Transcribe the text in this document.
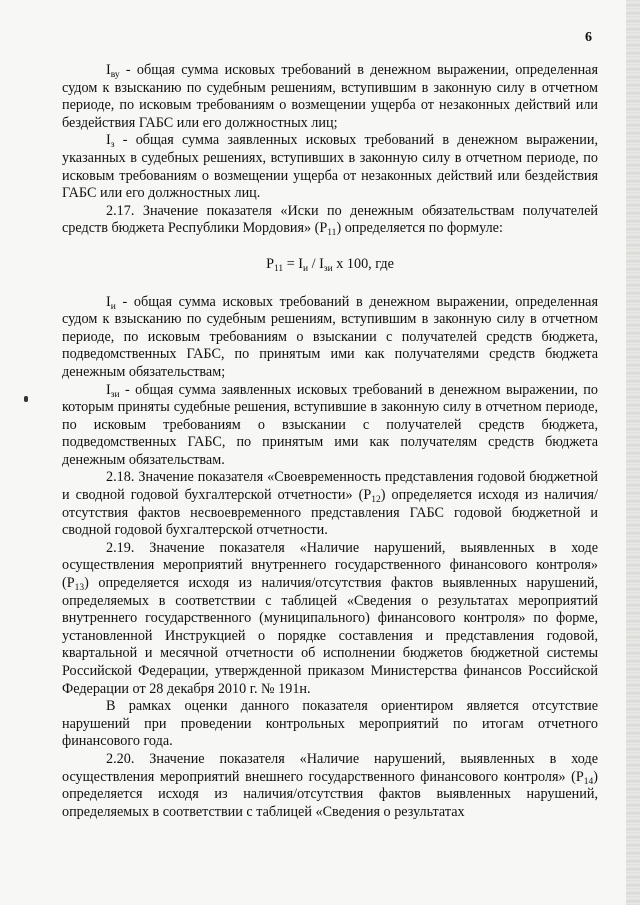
6

$I_{ву}$ - общая сумма исковых требований в денежном выражении, определенная судом к взысканию по судебным решениям, вступившим в законную силу в отчетном периоде, по исковым требованиям о возмещении ущерба от незаконных действий или бездействия ГАБС или его должностных лиц;

$I_з$ - общая сумма заявленных исковых требований в денежном выражении, указанных в судебных решениях, вступивших в законную силу в отчетном периоде, по исковым требованиям о возмещении ущерба от незаконных действий или бездействия ГАБС или его должностных лиц.

2.17. Значение показателя «Иски по денежным обязательствам получателей средств бюджета Республики Мордовия» $(P_{11})$ определяется по формуле:

$P_{11} = I_и / I_{зи}$ x 100, где

$I_и$ - общая сумма исковых требований в денежном выражении, определенная судом к взысканию по судебным решениям, вступившим в законную силу в отчетном периоде, по исковым требованиям о взыскании с получателей средств бюджета, подведомственных ГАБС, по принятым ими как получателями средств бюджета денежным обязательствам;

$I_{зи}$ - общая сумма заявленных исковых требований в денежном выражении, по которым приняты судебные решения, вступившие в законную силу в отчетном периоде, по исковым требованиям о взыскании с получателей средств бюджета, подведомственных ГАБС, по принятым ими как получателям средств бюджета денежным обязательствам.

2.18. Значение показателя «Своевременность представления годовой бюджетной и сводной годовой бухгалтерской отчетности» $(P_{12})$ определяется исходя из наличия/отсутствия фактов несвоевременного представления ГАБС годовой бюджетной и сводной годовой бухгалтерской отчетности.

2.19. Значение показателя «Наличие нарушений, выявленных в ходе осуществления мероприятий внутреннего государственного финансового контроля» $(P_{13})$ определяется исходя из наличия/отсутствия фактов выявленных нарушений, определяемых в соответствии с таблицей «Сведения о результатах мероприятий внутреннего государственного (муниципального) финансового контроля» по форме, установленной Инструкцией о порядке составления и представления годовой, квартальной и месячной отчетности об исполнении бюджетов бюджетной системы Российской Федерации, утвержденной приказом Министерства финансов Российской Федерации от 28 декабря 2010 г. № 191н.

В рамках оценки данного показателя ориентиром является отсутствие нарушений при проведении контрольных мероприятий по итогам отчетного финансового года.

2.20. Значение показателя «Наличие нарушений, выявленных в ходе осуществления мероприятий внешнего государственного финансового контроля» $(P_{14})$ определяется исходя из наличия/отсутствия фактов выявленных нарушений, определяемых в соответствии с таблицей «Сведения о результатах
